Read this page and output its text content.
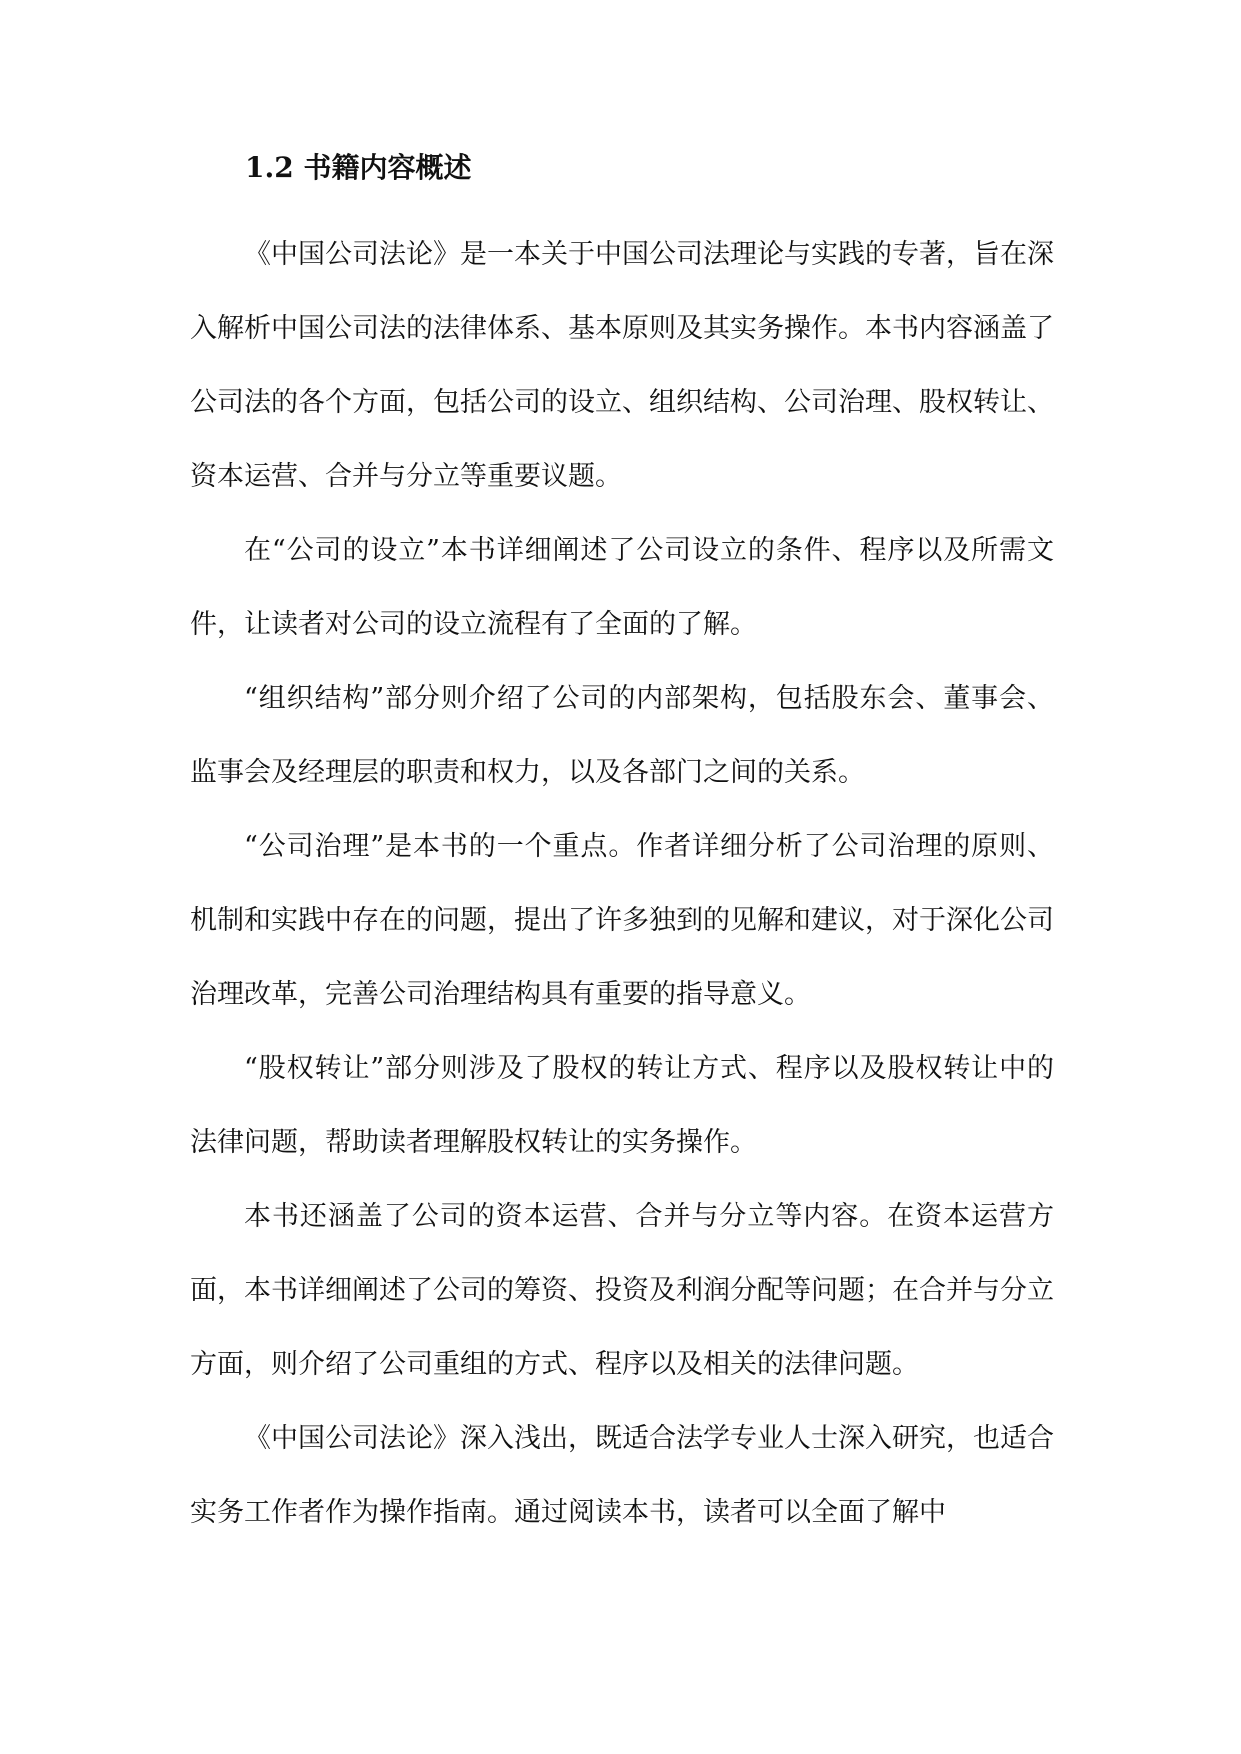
1.2 书籍内容概述

《中国公司法论》是一本关于中国公司法理论与实践的专著，旨在深入解析中国公司法的法律体系、基本原则及其实务操作。本书内容涵盖了公司法的各个方面，包括公司的设立、组织结构、公司治理、股权转让、资本运营、合并与分立等重要议题。

在“公司的设立”本书详细阐述了公司设立的条件、程序以及所需文件，让读者对公司的设立流程有了全面的了解。

“组织结构”部分则介绍了公司的内部架构，包括股东会、董事会、监事会及经理层的职责和权力，以及各部门之间的关系。

“公司治理”是本书的一个重点。作者详细分析了公司治理的原则、机制和实践中存在的问题，提出了许多独到的见解和建议，对于深化公司治理改革，完善公司治理结构具有重要的指导意义。

“股权转让”部分则涉及了股权的转让方式、程序以及股权转让中的法律问题，帮助读者理解股权转让的实务操作。

本书还涵盖了公司的资本运营、合并与分立等内容。在资本运营方面，本书详细阐述了公司的筹资、投资及利润分配等问题；在合并与分立方面，则介绍了公司重组的方式、程序以及相关的法律问题。

《中国公司法论》深入浅出，既适合法学专业人士深入研究，也适合实务工作者作为操作指南。通过阅读本书，读者可以全面了解中
